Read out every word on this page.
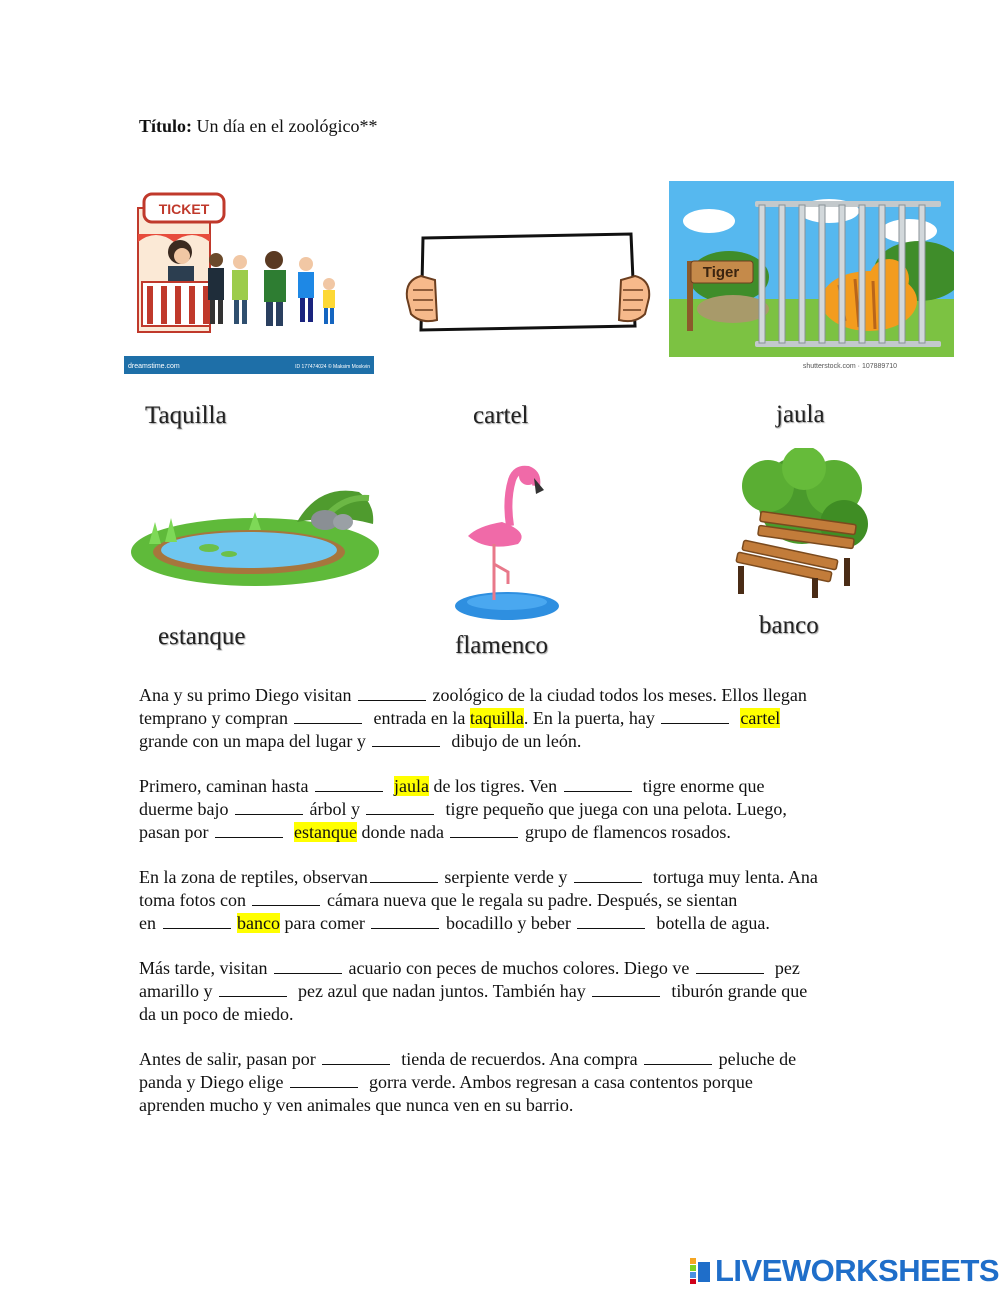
Título: Un día en el zoológico**
TICKET
dreamstime.com	ID 177474024 © Maksim Moskvin
Tiger
shutterstock.com · 107889710
Taquilla	cartel	jaula
estanque	flamenco
banco
Ana y su primo Diego visitan	zoológico de la ciudad todos los meses. Ellos llegan
temprano y compran	entrada en la taquilla. En la puerta, hay	cartel
grande con un mapa del lugar y	dibujo de un león.
Primero, caminan hasta	jaula de los tigres. Ven	tigre enorme que
duerme bajo	árbol y	tigre pequeño que juega con una pelota. Luego,
pasan por	estanque donde nada	grupo de flamencos rosados.
En la zona de reptiles, observan	serpiente verde y	tortuga muy lenta. Ana
toma fotos con	cámara nueva que le regala su padre. Después, se sientan
en	banco para comer	bocadillo y beber	botella de agua.
Más tarde, visitan	acuario con peces de muchos colores. Diego ve	pez
amarillo y	pez azul que nadan juntos. También hay	tiburón grande que
da un poco de miedo.
Antes de salir, pasan por	tienda de recuerdos. Ana compra	peluche de
panda y Diego elige	gorra verde. Ambos regresan a casa contentos porque
aprenden mucho y ven animales que nunca ven en su barrio.
LIVEWORKSHEETS
